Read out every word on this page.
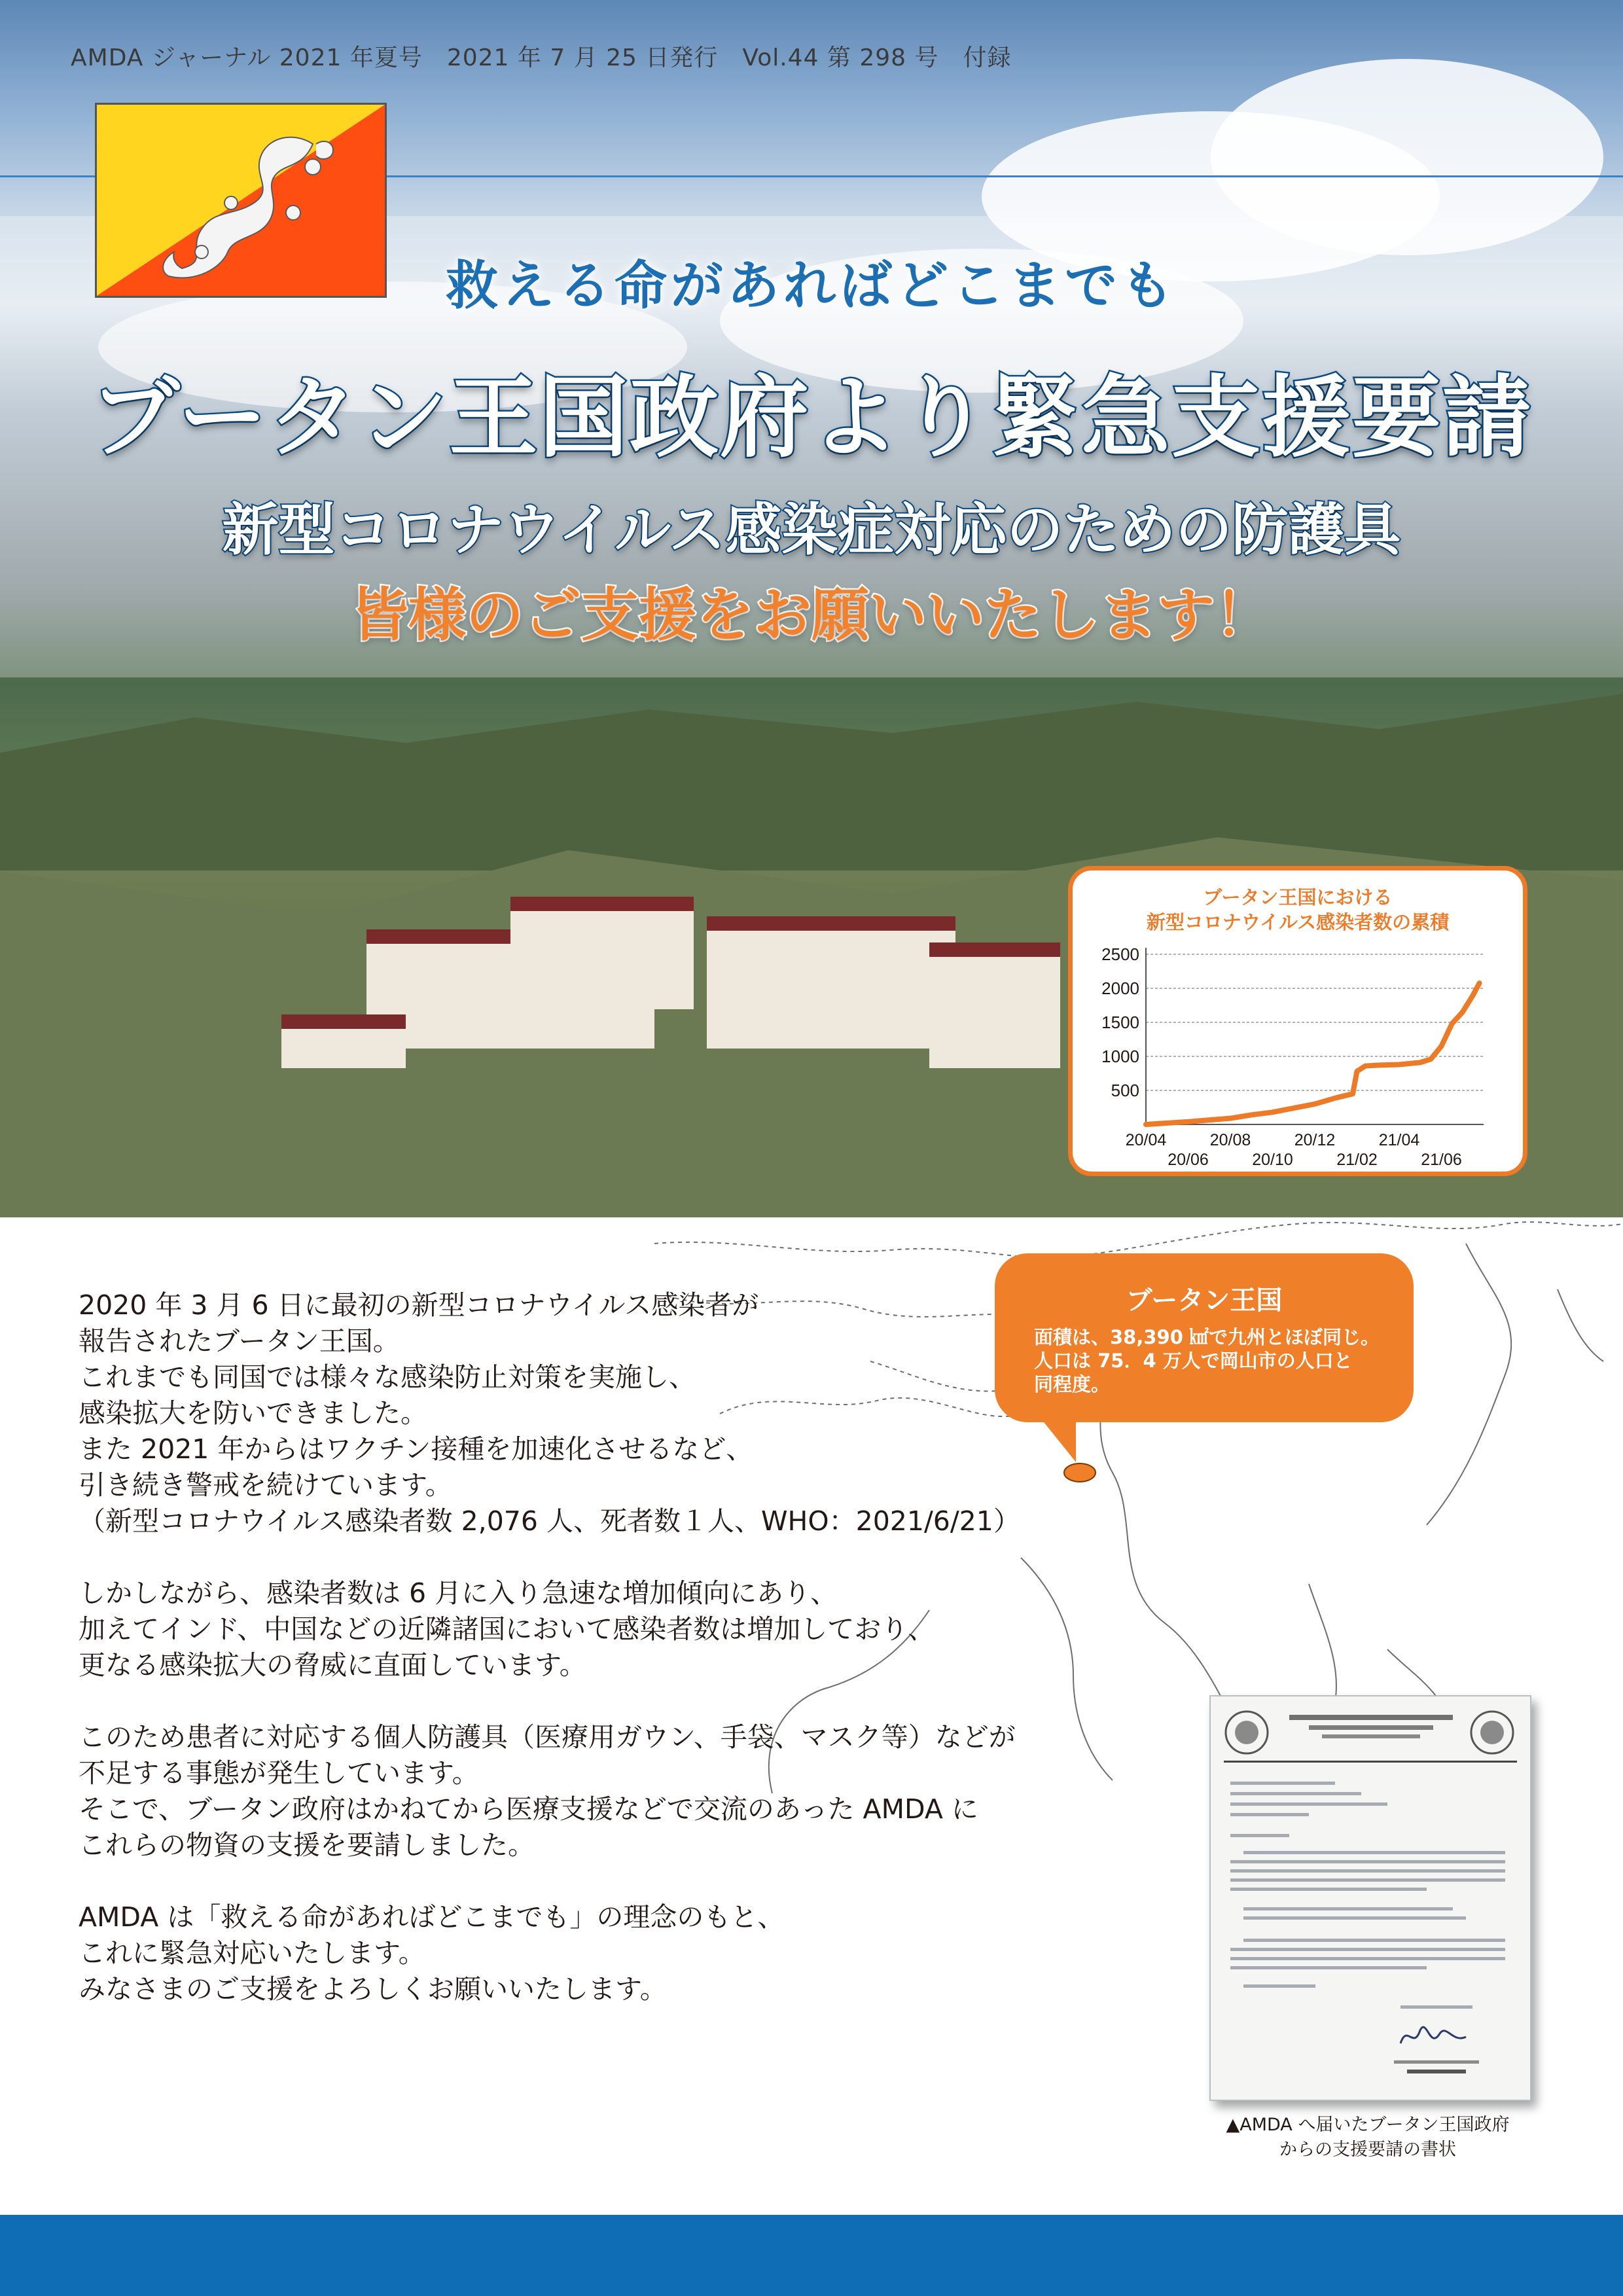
AMDA ジャーナル 2021 年夏号　2021 年 7 月 25 日発行　Vol.44 第 298 号　付録
救える命があればどこまでも
ブータン王国政府より緊急支援要請
新型コロナウイルス感染症対応のための防護具
皆様のご支援をお願いいたします！
ブータン王国における
新型コロナウイルス感染者数の累積
500
1000
1500
2000
2500
20/04	20/08	20/12	21/04
20/06	20/10	21/02	21/06
ブータン王国
面積は、38,390 ㎢で九州とほぼ同じ。
人口は 75．4 万人で岡山市の人口と
同程度。

2020 年 3 月 6 日に最初の新型コロナウイルス感染者が
報告されたブータン王国。
これまでも同国では様々な感染防止対策を実施し、
感染拡大を防いできました。
また 2021 年からはワクチン接種を加速化させるなど、
引き続き警戒を続けています。
（新型コロナウイルス感染者数 2,076 人、死者数１人、WHO：2021/6/21）

しかしながら、感染者数は 6 月に入り急速な増加傾向にあり、
加えてインド、中国などの近隣諸国において感染者数は増加しており、
更なる感染拡大の脅威に直面しています。

このため患者に対応する個人防護具（医療用ガウン、手袋、マスク等）などが
不足する事態が発生しています。
そこで、ブータン政府はかねてから医療支援などで交流のあった AMDA に
これらの物資の支援を要請しました。

AMDA は「救える命があればどこまでも」の理念のもと、
これに緊急対応いたします。
みなさまのご支援をよろしくお願いいたします。

▲AMDA へ届いたブータン王国政府
からの支援要請の書状
